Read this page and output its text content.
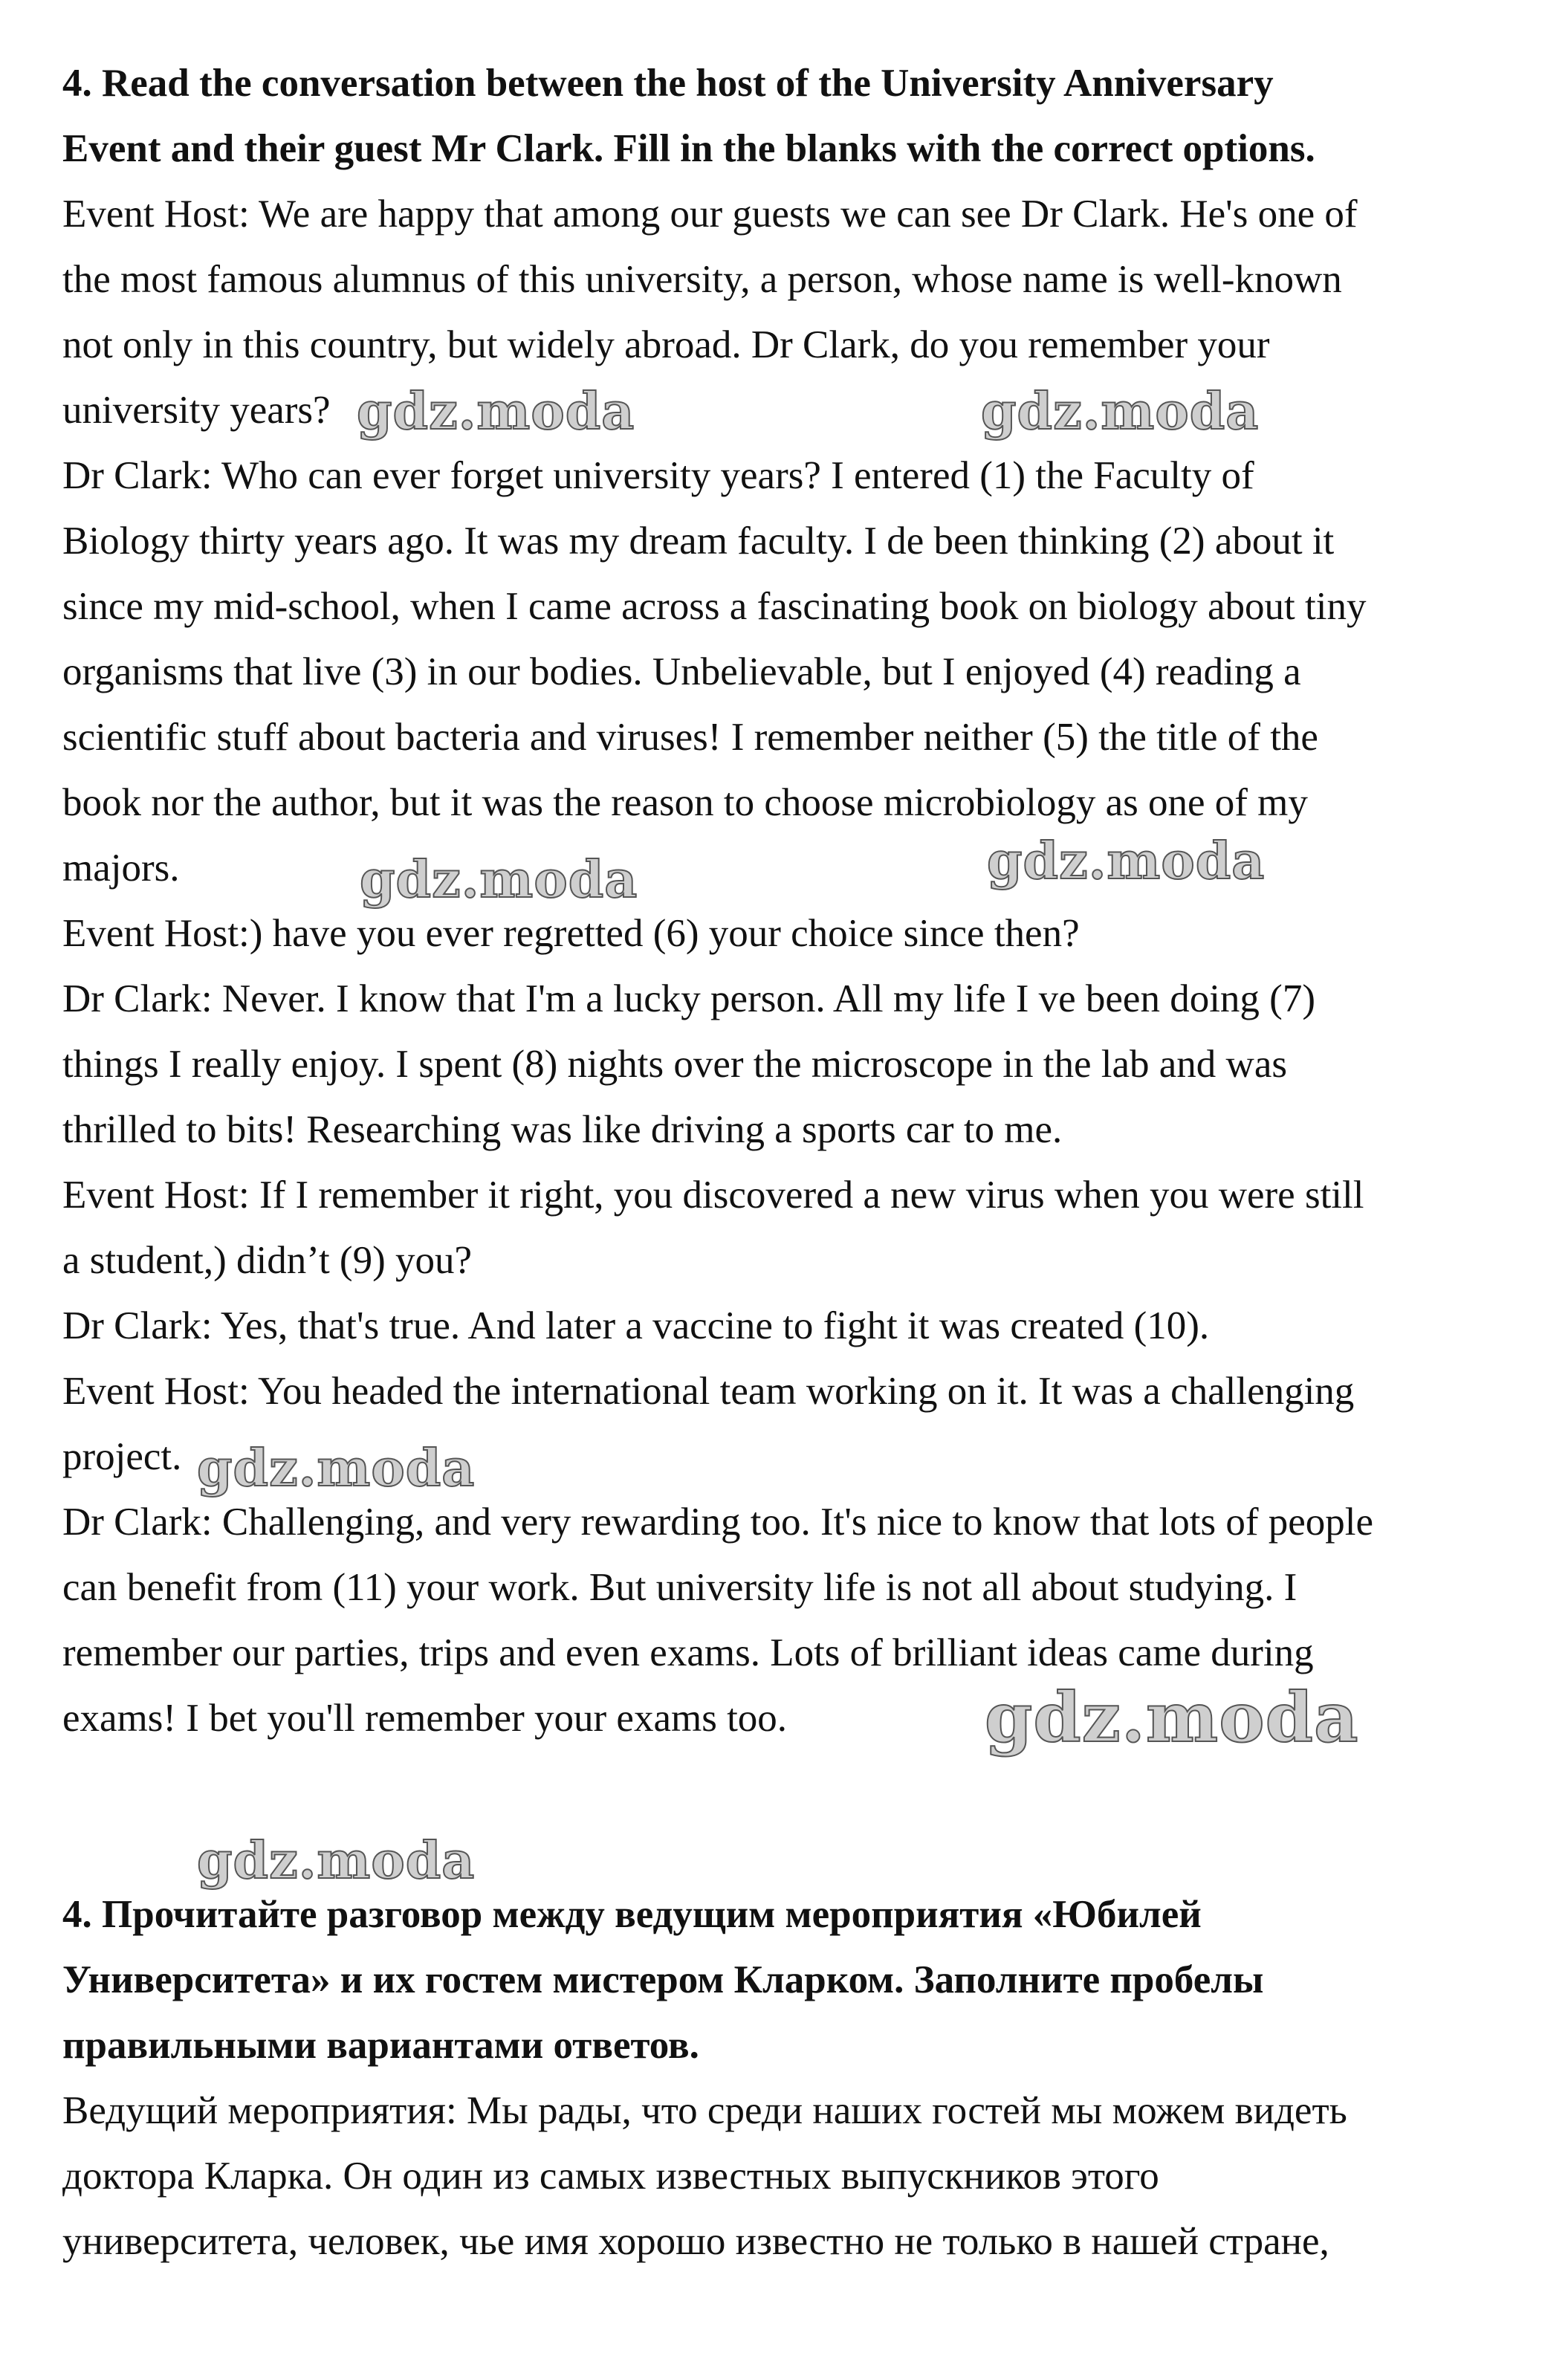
4. Read the conversation between the host of the University Anniversary
Event and their guest Mr Clark. Fill in the blanks with the correct options.
Event Host: We are happy that among our guests we can see Dr Clark. He's one of
the most famous alumnus of this university, a person, whose name is well-known
not only in this country, but widely abroad. Dr Clark, do you remember your
university years?
Dr Clark: Who can ever forget university years? I entered (1) the Faculty of
Biology thirty years ago. It was my dream faculty. I de been thinking (2) about it
since my mid-school, when I came across a fascinating book on biology about tiny
organisms that live (3) in our bodies. Unbelievable, but I enjoyed (4) reading a
scientific stuff about bacteria and viruses! I remember neither (5) the title of the
book nor the author, but it was the reason to choose microbiology as one of my
majors.
Event Host:) have you ever regretted (6) your choice since then?
Dr Clark: Never. I know that I'm a lucky person. All my life I ve been doing (7)
things I really enjoy. I spent (8) nights over the microscope in the lab and was
thrilled to bits! Researching was like driving a sports car to me.
Event Host: If I remember it right, you discovered a new virus when you were still
a student,) didn’t (9) you?
Dr Clark: Yes, that's true. And later a vaccine to fight it was created (10).
Event Host: You headed the international team working on it. It was a challenging
project.
Dr Clark: Challenging, and very rewarding too. It's nice to know that lots of people
can benefit from (11) your work. But university life is not all about studying. I
remember our parties, trips and even exams. Lots of brilliant ideas came during
exams! I bet you'll remember your exams too.
4. Прочитайте разговор между ведущим мероприятия «Юбилей
Университета» и их гостем мистером Кларком. Заполните пробелы
правильными вариантами ответов.
Ведущий мероприятия: Мы рады, что среди наших гостей мы можем видеть
доктора Кларка. Он один из самых известных выпускников этого
университета, человек, чье имя хорошо известно не только в нашей стране,
gdz.moda	gdz.moda
gdz.moda	gdz.moda
gdz.moda
gdz.moda
gdz.moda
